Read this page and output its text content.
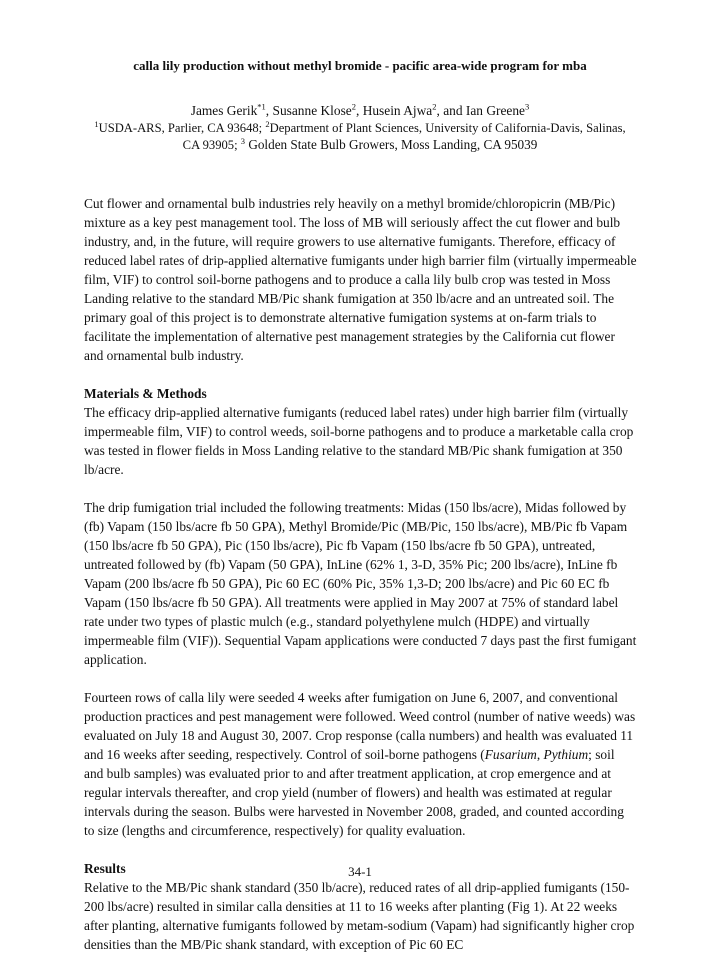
calla lily production without methyl bromide - pacific area-wide program for mba
James Gerik$^{*1}$, Susanne Klose$^2$, Husein Ajwa$^2$, and Ian Greene$^3$
$^1$USDA-ARS, Parlier, CA 93648; $^2$Department of Plant Sciences, University of California-Davis, Salinas,
CA 93905; $^3$ Golden State Bulb Growers, Moss Landing, CA 95039

Cut flower and ornamental bulb industries rely heavily on a methyl bromide/chloropicrin (MB/Pic) mixture as a key pest management tool. The loss of MB will seriously affect the cut flower and bulb industry, and, in the future, will require growers to use alternative fumigants. Therefore, efficacy of reduced label rates of drip-applied alternative fumigants under high barrier film (virtually impermeable film, VIF) to control soil-borne pathogens and to produce a calla lily bulb crop was tested in Moss Landing relative to the standard MB/Pic shank fumigation at 350 lb/acre and an untreated soil. The primary goal of this project is to demonstrate alternative fumigation systems at on-farm trials to facilitate the implementation of alternative pest management strategies by the California cut flower and ornamental bulb industry.

Materials & Methods

The efficacy drip-applied alternative fumigants (reduced label rates) under high barrier film (virtually impermeable film, VIF) to control weeds, soil-borne pathogens and to produce a marketable calla crop was tested in flower fields in Moss Landing relative to the standard MB/Pic shank fumigation at 350 lb/acre.

The drip fumigation trial included the following treatments: Midas (150 lbs/acre), Midas followed by (fb) Vapam (150 lbs/acre fb 50 GPA), Methyl Bromide/Pic (MB/Pic, 150 lbs/acre), MB/Pic fb Vapam (150 lbs/acre fb 50 GPA), Pic (150 lbs/acre), Pic fb Vapam (150 lbs/acre fb 50 GPA), untreated, untreated followed by (fb) Vapam (50 GPA), InLine (62% 1, 3-D, 35% Pic; 200 lbs/acre), InLine fb Vapam (200 lbs/acre fb 50 GPA), Pic 60 EC (60% Pic, 35% 1,3-D; 200 lbs/acre) and Pic 60 EC fb Vapam (150 lbs/acre fb 50 GPA). All treatments were applied in May 2007 at 75% of standard label rate under two types of plastic mulch (e.g., standard polyethylene mulch (HDPE) and virtually impermeable film (VIF)). Sequential Vapam applications were conducted 7 days past the first fumigant application.

Fourteen rows of calla lily were seeded 4 weeks after fumigation on June 6, 2007, and conventional production practices and pest management were followed. Weed control (number of native weeds) was evaluated on July 18 and August 30, 2007. Crop response (calla numbers) and health was evaluated 11 and 16 weeks after seeding, respectively. Control of soil-borne pathogens (Fusarium, Pythium; soil and bulb samples) was evaluated prior to and after treatment application, at crop emergence and at regular intervals thereafter, and crop yield (number of flowers) and health was estimated at regular intervals during the season. Bulbs were harvested in November 2008, graded, and counted according to size (lengths and circumference, respectively) for quality evaluation.

Results

Relative to the MB/Pic shank standard (350 lb/acre), reduced rates of all drip-applied fumigants (150-200 lbs/acre) resulted in similar calla densities at 11 to 16 weeks after planting (Fig 1). At 22 weeks after planting, alternative fumigants followed by metam-sodium (Vapam) had significantly higher crop densities than the MB/Pic shank standard, with exception of Pic 60 EC

34-1
